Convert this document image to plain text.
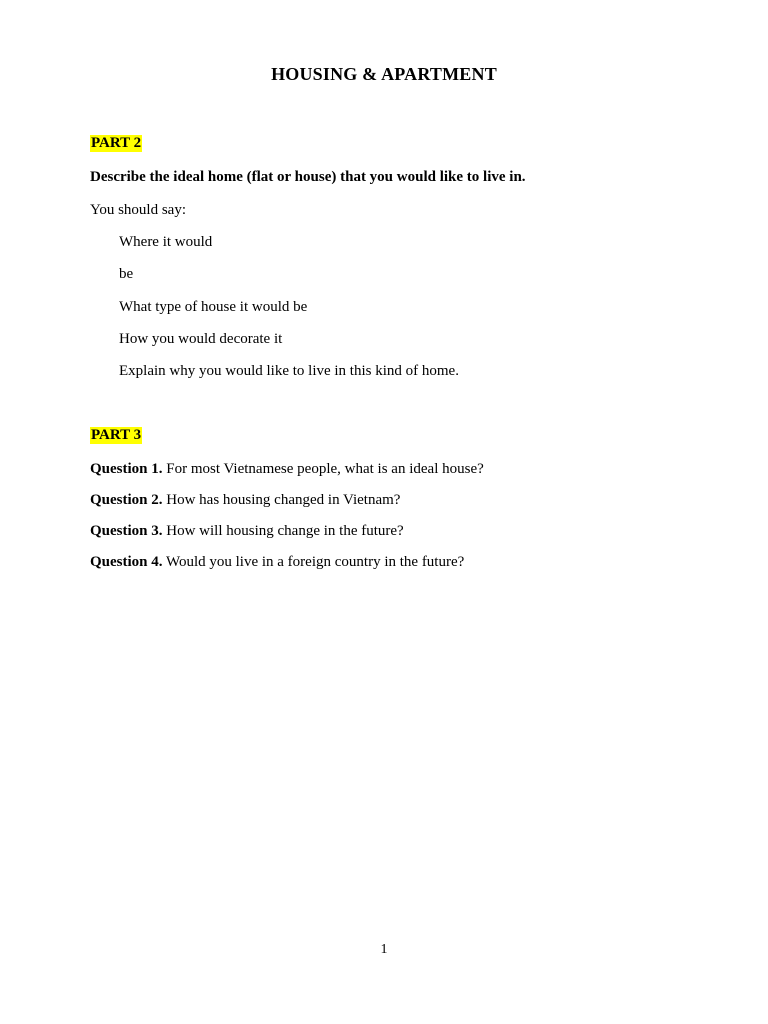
HOUSING & APARTMENT
PART 2
Describe the ideal home (flat or house) that you would like to live in.
You should say:
Where it would
be
What type of house it would be
How you would decorate it
Explain why you would like to live in this kind of home.
PART 3
Question 1. For most Vietnamese people, what is an ideal house?
Question 2. How has housing changed in Vietnam?
Question 3. How will housing change in the future?
Question 4. Would you live in a foreign country in the future?
1
